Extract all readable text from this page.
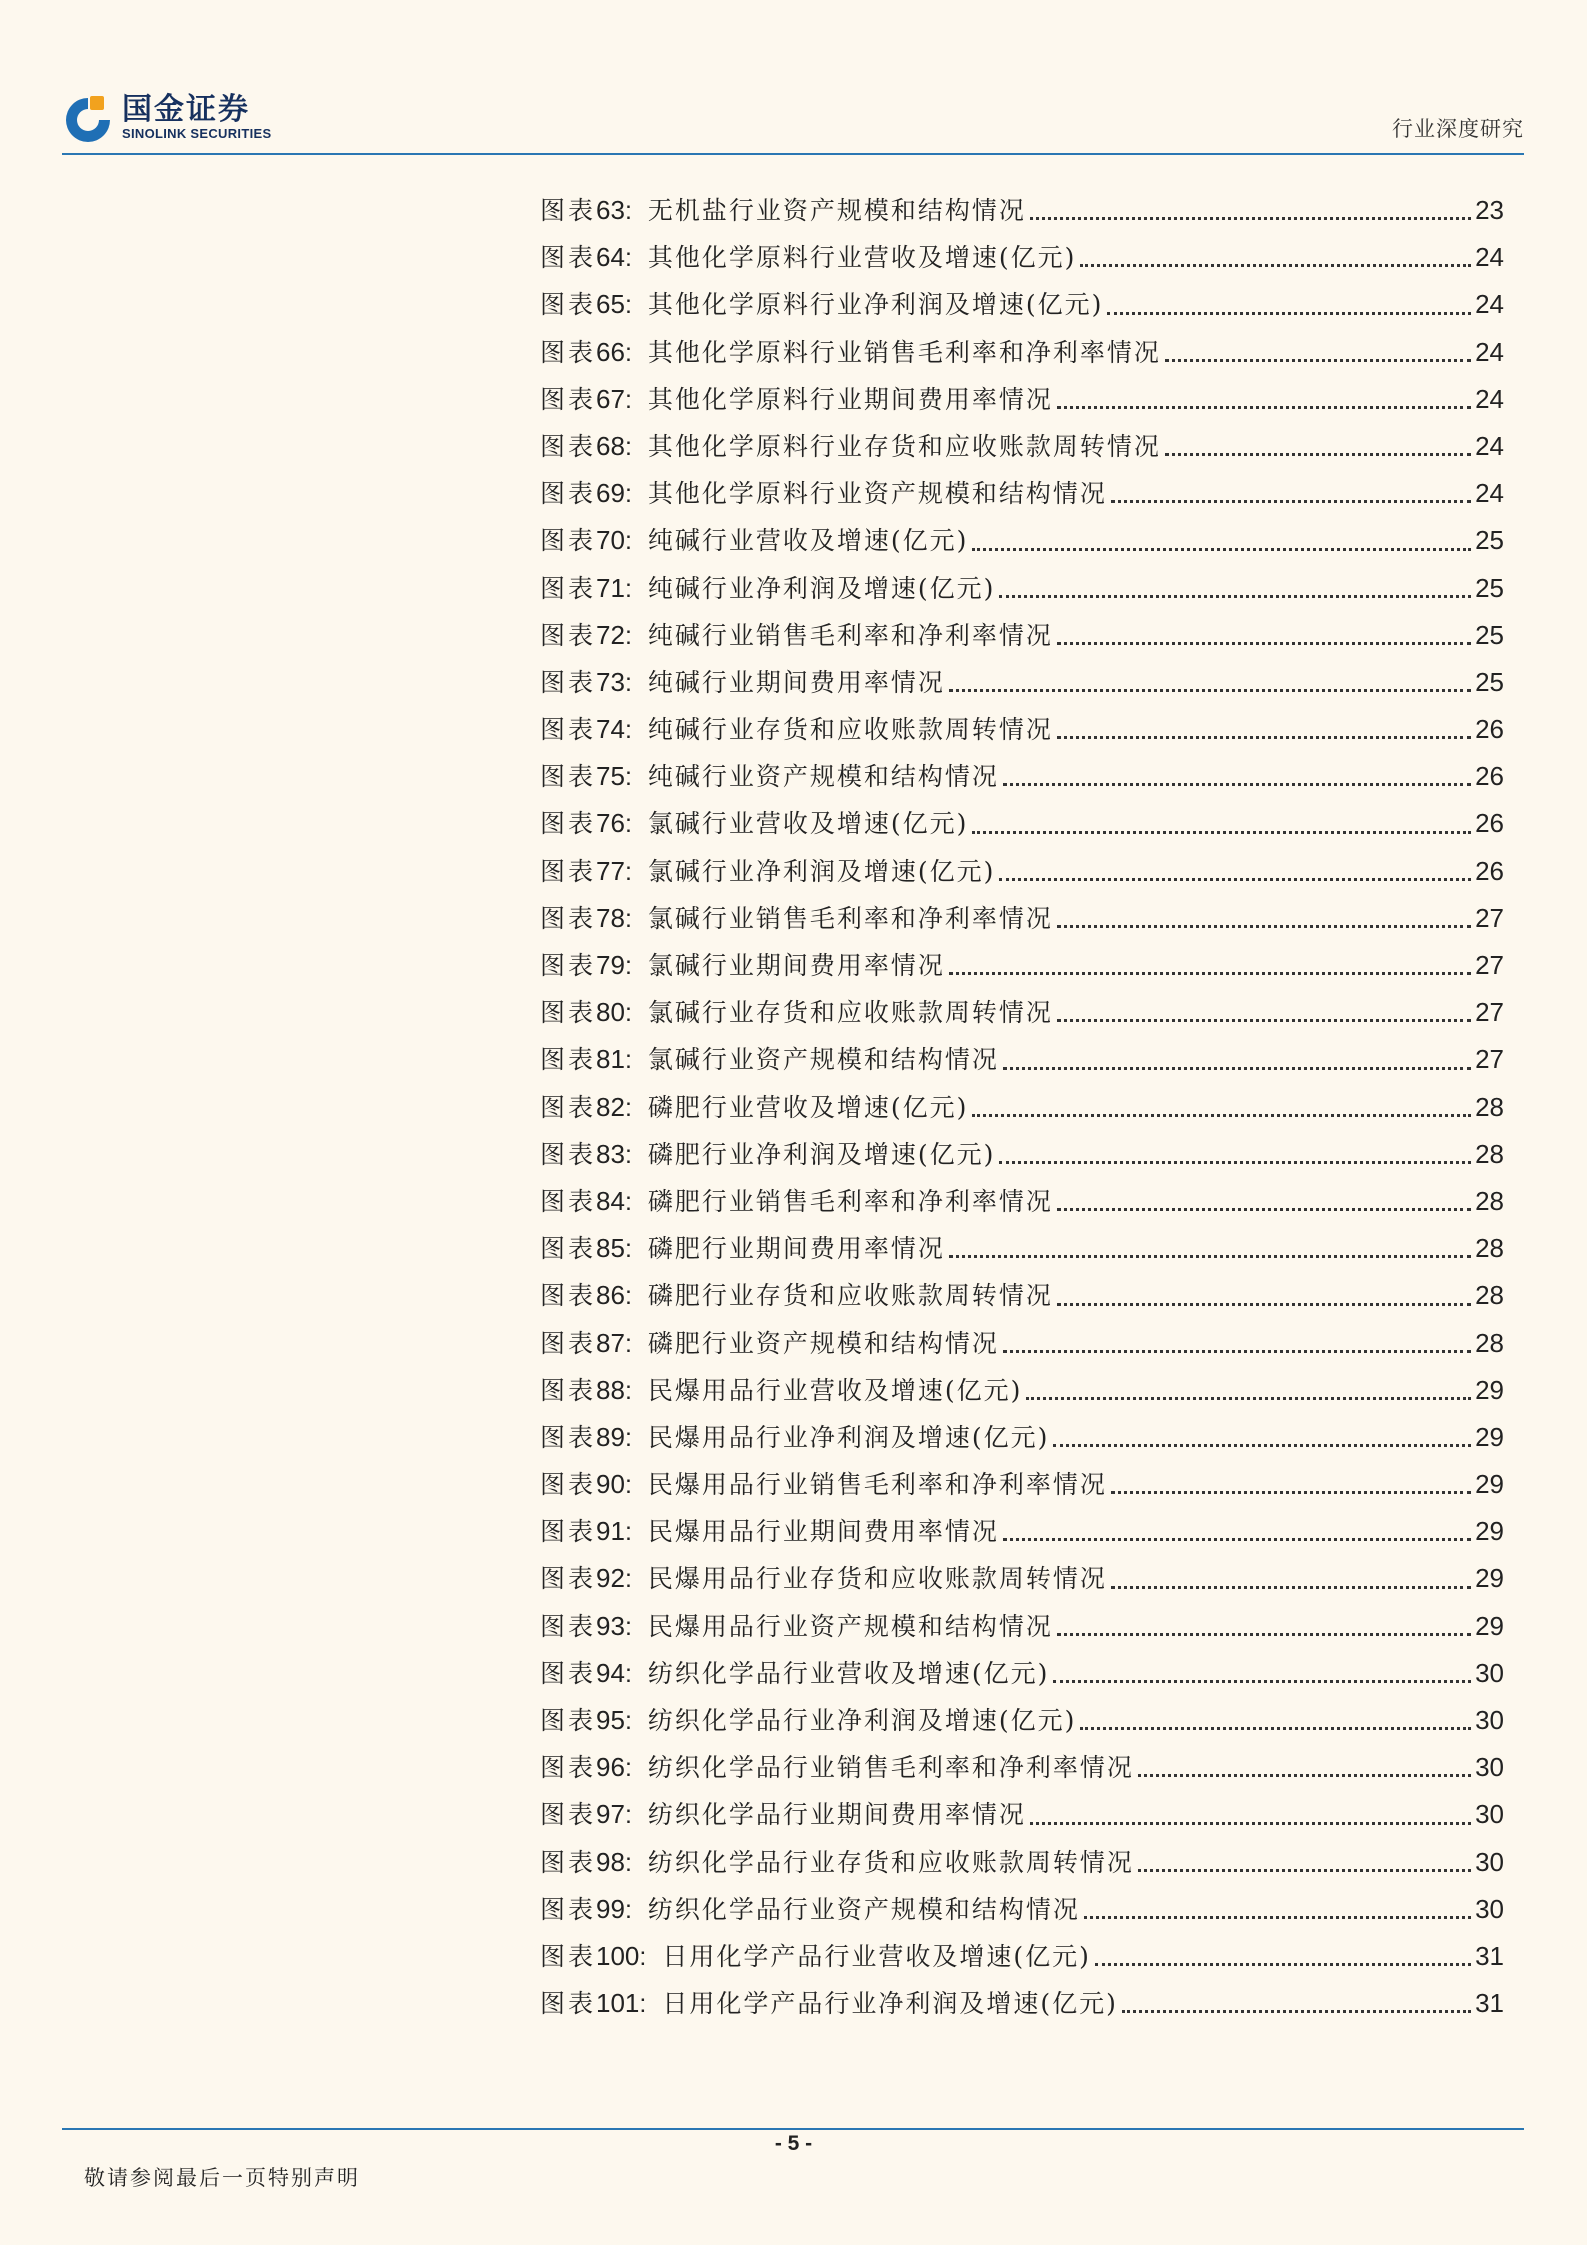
国金证券
SINOLINK SECURITIES	行业深度研究
图表 63 : 无机盐行业资产规模和结构情况	23
图表 64 : 其他化学原料行业营收及增速(亿元)	24
图表 65 : 其他化学原料行业净利润及增速(亿元)	24
图表 66 : 其他化学原料行业销售毛利率和净利率情况	24
图表 67 : 其他化学原料行业期间费用率情况	24
图表 68 : 其他化学原料行业存货和应收账款周转情况	24
图表 69 : 其他化学原料行业资产规模和结构情况	24
图表 70 : 纯碱行业营收及增速(亿元)	25
图表 71 : 纯碱行业净利润及增速(亿元)	25
图表 72 : 纯碱行业销售毛利率和净利率情况	25
图表 73 : 纯碱行业期间费用率情况	25
图表 74 : 纯碱行业存货和应收账款周转情况	26
图表 75 : 纯碱行业资产规模和结构情况	26
图表 76 : 氯碱行业营收及增速(亿元)	26
图表 77 : 氯碱行业净利润及增速(亿元)	26
图表 78 : 氯碱行业销售毛利率和净利率情况	27
图表 79 : 氯碱行业期间费用率情况	27
图表 80 : 氯碱行业存货和应收账款周转情况	27
图表 81 : 氯碱行业资产规模和结构情况	27
图表 82 : 磷肥行业营收及增速(亿元)	28
图表 83 : 磷肥行业净利润及增速(亿元)	28
图表 84 : 磷肥行业销售毛利率和净利率情况	28
图表 85 : 磷肥行业期间费用率情况	28
图表 86 : 磷肥行业存货和应收账款周转情况	28
图表 87 : 磷肥行业资产规模和结构情况	28
图表 88 : 民爆用品行业营收及增速(亿元)	29
图表 89 : 民爆用品行业净利润及增速(亿元)	29
图表 90 : 民爆用品行业销售毛利率和净利率情况	29
图表 91 : 民爆用品行业期间费用率情况	29
图表 92 : 民爆用品行业存货和应收账款周转情况	29
图表 93 : 民爆用品行业资产规模和结构情况	29
图表 94 : 纺织化学品行业营收及增速(亿元)	30
图表 95 : 纺织化学品行业净利润及增速(亿元)	30
图表 96 : 纺织化学品行业销售毛利率和净利率情况	30
图表 97 : 纺织化学品行业期间费用率情况	30
图表 98 : 纺织化学品行业存货和应收账款周转情况	30
图表 99 : 纺织化学品行业资产规模和结构情况	30
图表 100 : 日用化学产品行业营收及增速(亿元)	31
图表 101 : 日用化学产品行业净利润及增速(亿元)	31
- 5 -
敬请参阅最后一页特别声明
